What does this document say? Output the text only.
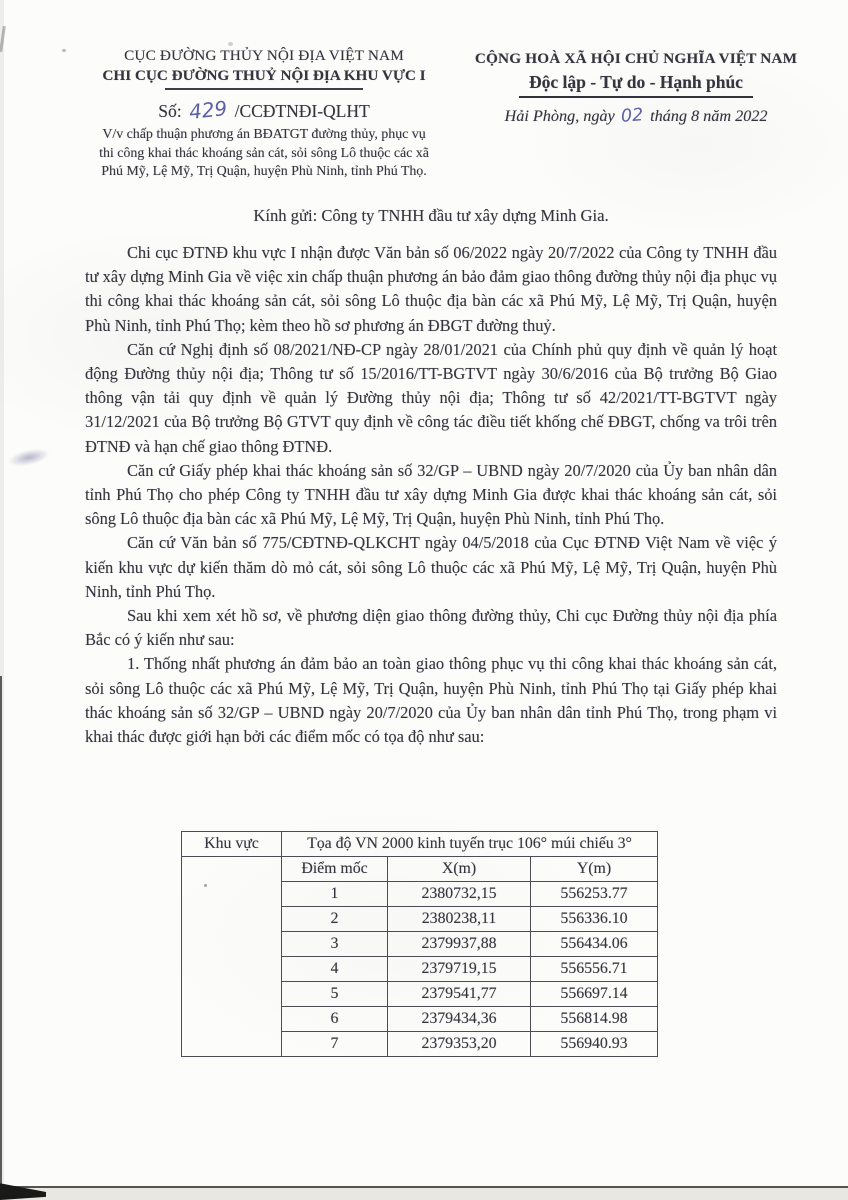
CỤC ĐƯỜNG THỦY NỘI ĐỊA VIỆT NAM
CHI CỤC ĐƯỜNG THUỶ NỘI ĐỊA KHU VỰC I
Số: 429 /CCĐTNĐI-QLHT
V/v chấp thuận phương án BĐATGT đường thủy, phục vụ
thi công khai thác khoáng sản cát, sỏi sông Lô thuộc các xã
Phú Mỹ, Lệ Mỹ, Trị Quận, huyện Phù Ninh, tỉnh Phú Thọ.
CỘNG HOÀ XÃ HỘI CHỦ NGHĨA VIỆT NAM
Độc lập - Tự do - Hạnh phúc
Hải Phòng, ngày 02 tháng 8 năm 2022
Kính gửi: Công ty TNHH đầu tư xây dựng Minh Gia.

Chi cục ĐTNĐ khu vực I nhận được Văn bản số 06/2022 ngày 20/7/2022 của Công ty TNHH đầu tư xây dựng Minh Gia về việc xin chấp thuận phương án bảo đảm giao thông đường thủy nội địa phục vụ thi công khai thác khoáng sản cát, sỏi sông Lô thuộc địa bàn các xã Phú Mỹ, Lệ Mỹ, Trị Quận, huyện Phù Ninh, tỉnh Phú Thọ; kèm theo hồ sơ phương án ĐBGT đường thuỷ.

Căn cứ Nghị định số 08/2021/NĐ-CP ngày 28/01/2021 của Chính phủ quy định về quản lý hoạt động Đường thủy nội địa; Thông tư số 15/2016/TT-BGTVT ngày 30/6/2016 của Bộ trưởng Bộ Giao thông vận tải quy định về quản lý Đường thủy nội địa; Thông tư số 42/2021/TT-BGTVT ngày 31/12/2021 của Bộ trưởng Bộ GTVT quy định về công tác điều tiết khống chế ĐBGT, chống va trôi trên ĐTNĐ và hạn chế giao thông ĐTNĐ.

Căn cứ Giấy phép khai thác khoáng sản số 32/GP – UBND ngày 20/7/2020 của Ủy ban nhân dân tỉnh Phú Thọ cho phép Công ty TNHH đầu tư xây dựng Minh Gia được khai thác khoáng sản cát, sỏi sông Lô thuộc địa bàn các xã Phú Mỹ, Lệ Mỹ, Trị Quận, huyện Phù Ninh, tỉnh Phú Thọ.

Căn cứ Văn bản số 775/CĐTNĐ-QLKCHT ngày 04/5/2018 của Cục ĐTNĐ Việt Nam về việc ý kiến khu vực dự kiến thăm dò mỏ cát, sỏi sông Lô thuộc các xã Phú Mỹ, Lệ Mỹ, Trị Quận, huyện Phù Ninh, tỉnh Phú Thọ.

Sau khi xem xét hồ sơ, về phương diện giao thông đường thủy, Chi cục Đường thủy nội địa phía Bắc có ý kiến như sau:

1. Thống nhất phương án đảm bảo an toàn giao thông phục vụ thi công khai thác khoáng sản cát, sỏi sông Lô thuộc các xã Phú Mỹ, Lệ Mỹ, Trị Quận, huyện Phù Ninh, tỉnh Phú Thọ tại Giấy phép khai thác khoáng sản số 32/GP – UBND ngày 20/7/2020 của Ủy ban nhân dân tỉnh Phú Thọ, trong phạm vi khai thác được giới hạn bởi các điểm mốc có tọa độ như sau:

Khu vực	Tọa độ VN 2000 kinh tuyến trục 106° múi chiếu 3°		
	Điểm mốc	X(m)	Y(m)
	1	2380732,15	556253.77
	2	2380238,11	556336.10
	3	2379937,88	556434.06
	4	2379719,15	556556.71
	5	2379541,77	556697.14
	6	2379434,36	556814.98
	7	2379353,20	556940.93
